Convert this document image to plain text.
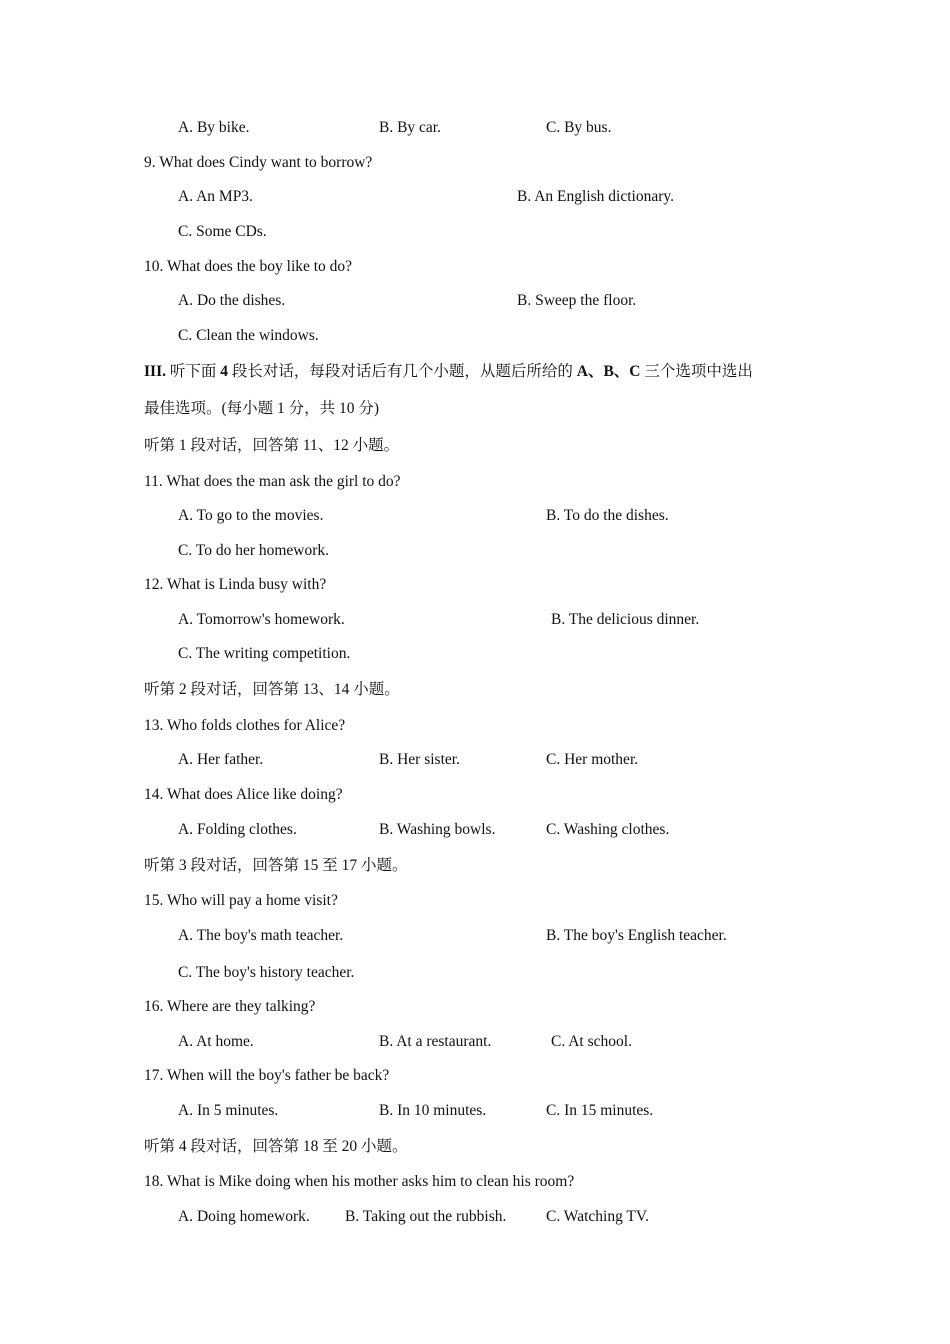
A. By bike.	B. By car.	C. By bus.
9. What does Cindy want to borrow?
A. An MP3.	B. An English dictionary.
C. Some CDs.
10. What does the boy like to do?
A. Do the dishes.	B. Sweep the floor.
C. Clean the windows.
III. 听下面 4 段长对话，每段对话后有几个小题，从题后所给的 A、B、C 三个选项中选出
最佳选项。(每小题 1 分，共 10 分)
听第 1 段对话，回答第 11、12 小题。
11. What does the man ask the girl to do?
A. To go to the movies.	B. To do the dishes.
C. To do her homework.
12. What is Linda busy with?
A. Tomorrow's homework.	B. The delicious dinner.
C. The writing competition.
听第 2 段对话，回答第 13、14 小题。
13. Who folds clothes for Alice?
A. Her father.	B. Her sister.	C. Her mother.
14. What does Alice like doing?
A. Folding clothes.	B. Washing bowls.	C. Washing clothes.
听第 3 段对话，回答第 15 至 17 小题。
15. Who will pay a home visit?
A. The boy's math teacher.	B. The boy's English teacher.
C. The boy's history teacher.
16. Where are they talking?
A. At home.	B. At a restaurant.	C. At school.
17. When will the boy's father be back?
A. In 5 minutes.	B. In 10 minutes.	C. In 15 minutes.
听第 4 段对话，回答第 18 至 20 小题。
18. What is Mike doing when his mother asks him to clean his room?
A. Doing homework. B. Taking out the rubbish.	C. Watching TV.
